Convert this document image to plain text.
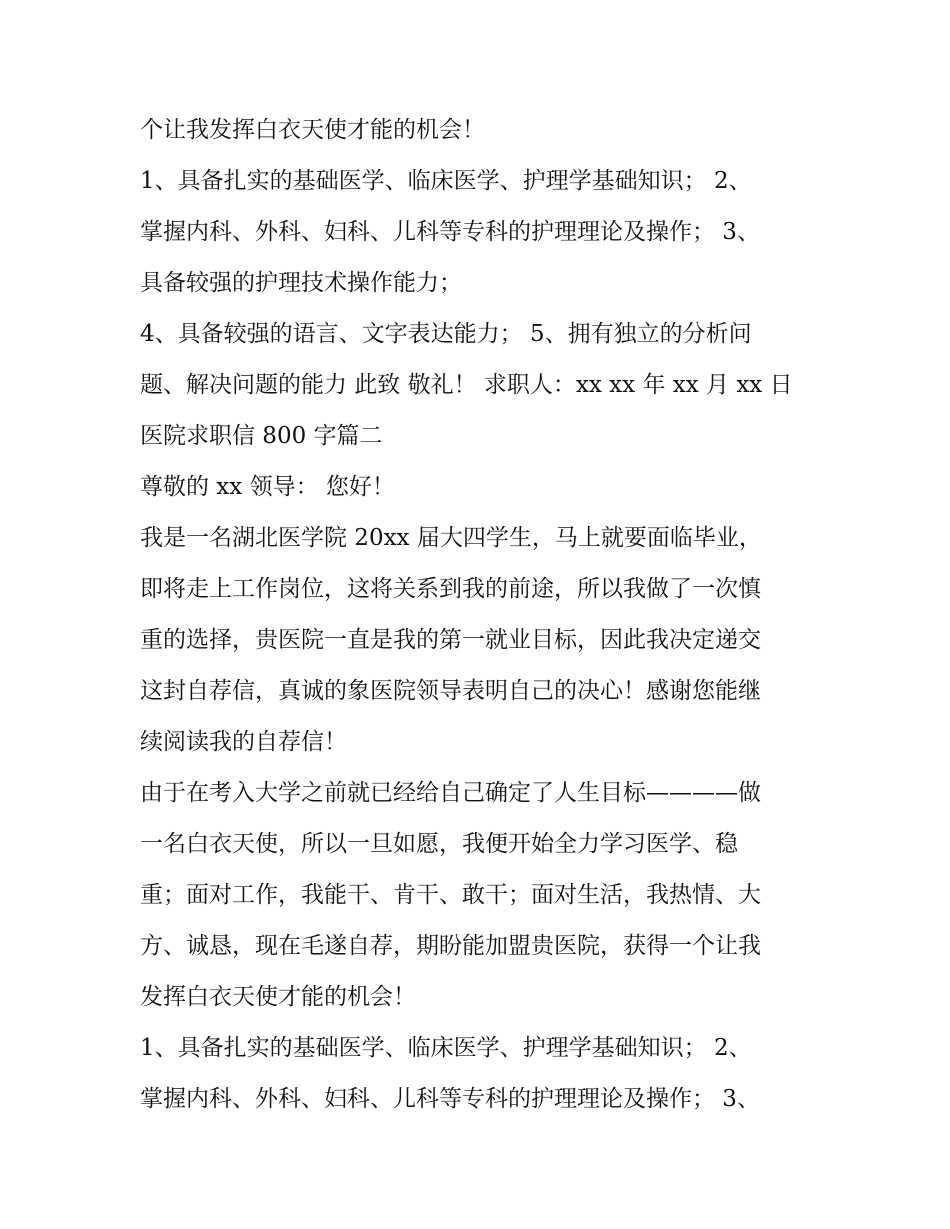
个让我发挥白衣天使才能的机会！
1、具备扎实的基础医学、临床医学、护理学基础知识； 2、
掌握内科、外科、妇科、儿科等专科的护理理论及操作； 3、
具备较强的护理技术操作能力；
4、具备较强的语言、文字表达能力； 5、拥有独立的分析问
题、解决问题的能力 此致 敬礼！ 求职人：xx xx 年 xx 月 xx 日
医院求职信 800 字篇二
尊敬的 xx 领导： 您好！
我是一名湖北医学院 20xx 届大四学生，马上就要面临毕业，
即将走上工作岗位，这将关系到我的前途，所以我做了一次慎
重的选择，贵医院一直是我的第一就业目标，因此我决定递交
这封自荐信，真诚的象医院领导表明自己的决心！感谢您能继
续阅读我的自荐信！
由于在考入大学之前就已经给自己确定了人生目标————做
一名白衣天使，所以一旦如愿，我便开始全力学习医学、稳
重；面对工作，我能干、肯干、敢干；面对生活，我热情、大
方、诚恳，现在毛遂自荐，期盼能加盟贵医院，获得一个让我
发挥白衣天使才能的机会！
1、具备扎实的基础医学、临床医学、护理学基础知识； 2、
掌握内科、外科、妇科、儿科等专科的护理理论及操作； 3、
